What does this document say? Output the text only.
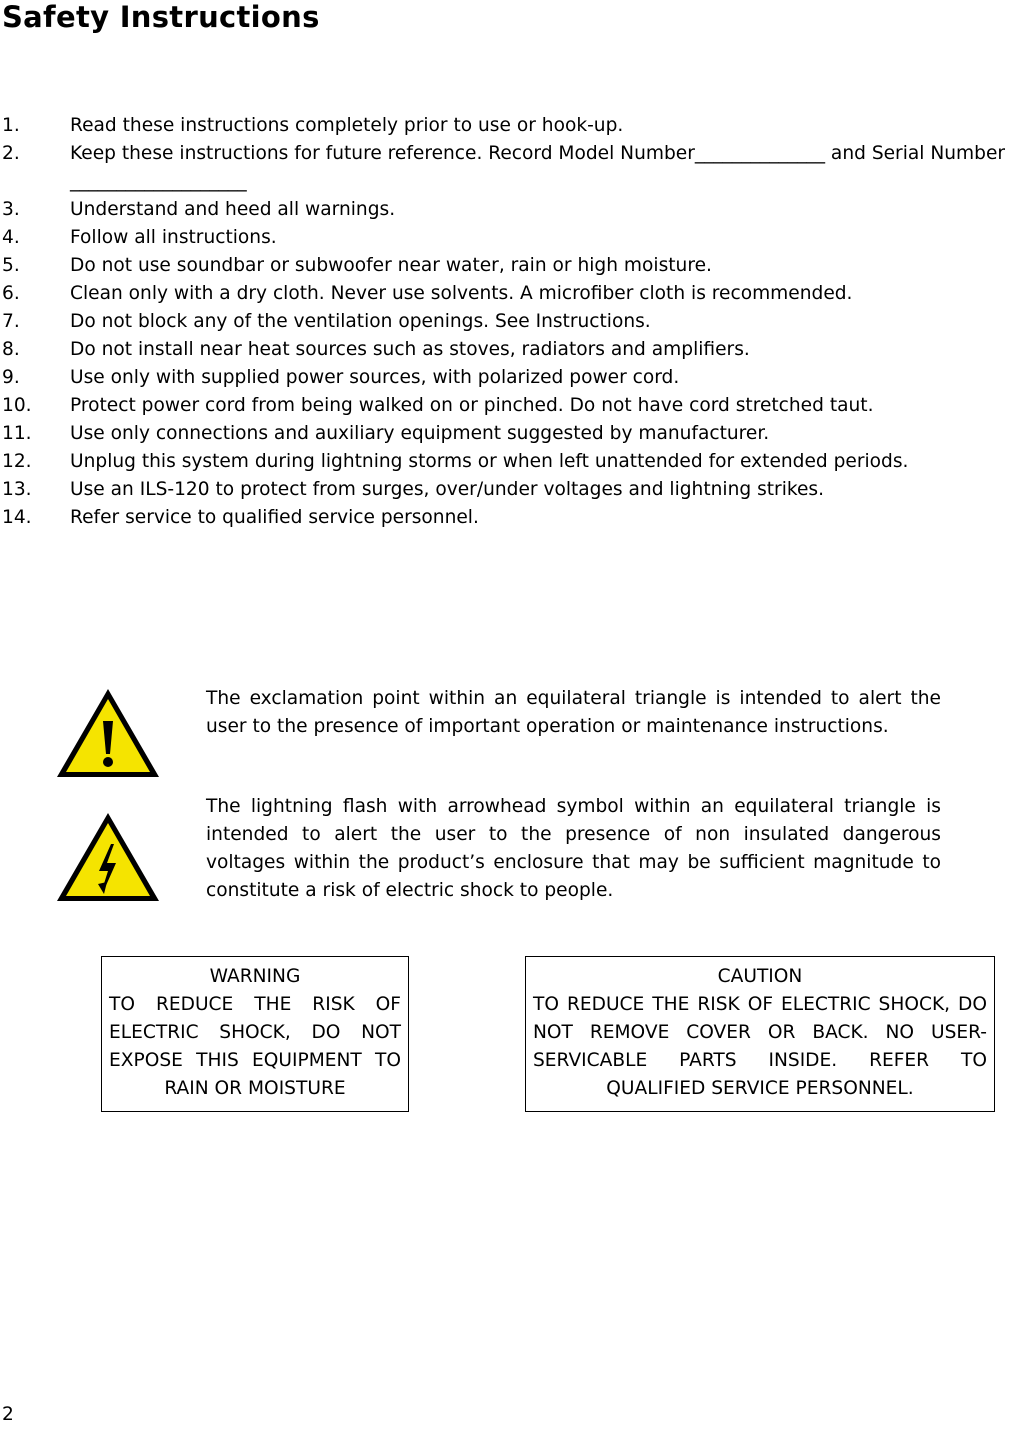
Safety Instructions
1.	Read these instructions completely prior to use or hook-up.
2.	Keep these instructions for future reference. Record Model Number______________ and Serial Number ___________________
3.	Understand and heed all warnings.
4.	Follow all instructions.
5.	Do not use soundbar or subwoofer near water, rain or high moisture.
6.	Clean only with a dry cloth. Never use solvents. A microfiber cloth is recommended.
7.	Do not block any of the ventilation openings. See Instructions.
8.	Do not install near heat sources such as stoves, radiators and amplifiers.
9.	Use only with supplied power sources, with polarized power cord.
10.	Protect power cord from being walked on or pinched. Do not have cord stretched taut.
11.	Use only connections and auxiliary equipment suggested by manufacturer.
12.	Unplug this system during lightning storms or when left unattended for extended periods.
13.	Use an ILS-120 to protect from surges, over/under voltages and lightning strikes.
14.	Refer service to qualified service personnel.
The exclamation point within an equilateral triangle is intended to alert the user to the presence of important operation or maintenance instructions.
The lightning flash with arrowhead symbol within an equilateral triangle is intended to alert the user to the presence of non insulated dangerous voltages within the product’s enclosure that may be sufficient magnitude to constitute a risk of electric shock to people.
WARNING
TO REDUCE THE RISK OF ELECTRIC SHOCK, DO NOT EXPOSE THIS EQUIPMENT TO RAIN OR MOISTURE
CAUTION
TO REDUCE THE RISK OF ELECTRIC SHOCK, DO NOT REMOVE COVER OR BACK. NO USER-SERVICABLE PARTS INSIDE. REFER TO QUALIFIED SERVICE PERSONNEL.
2
